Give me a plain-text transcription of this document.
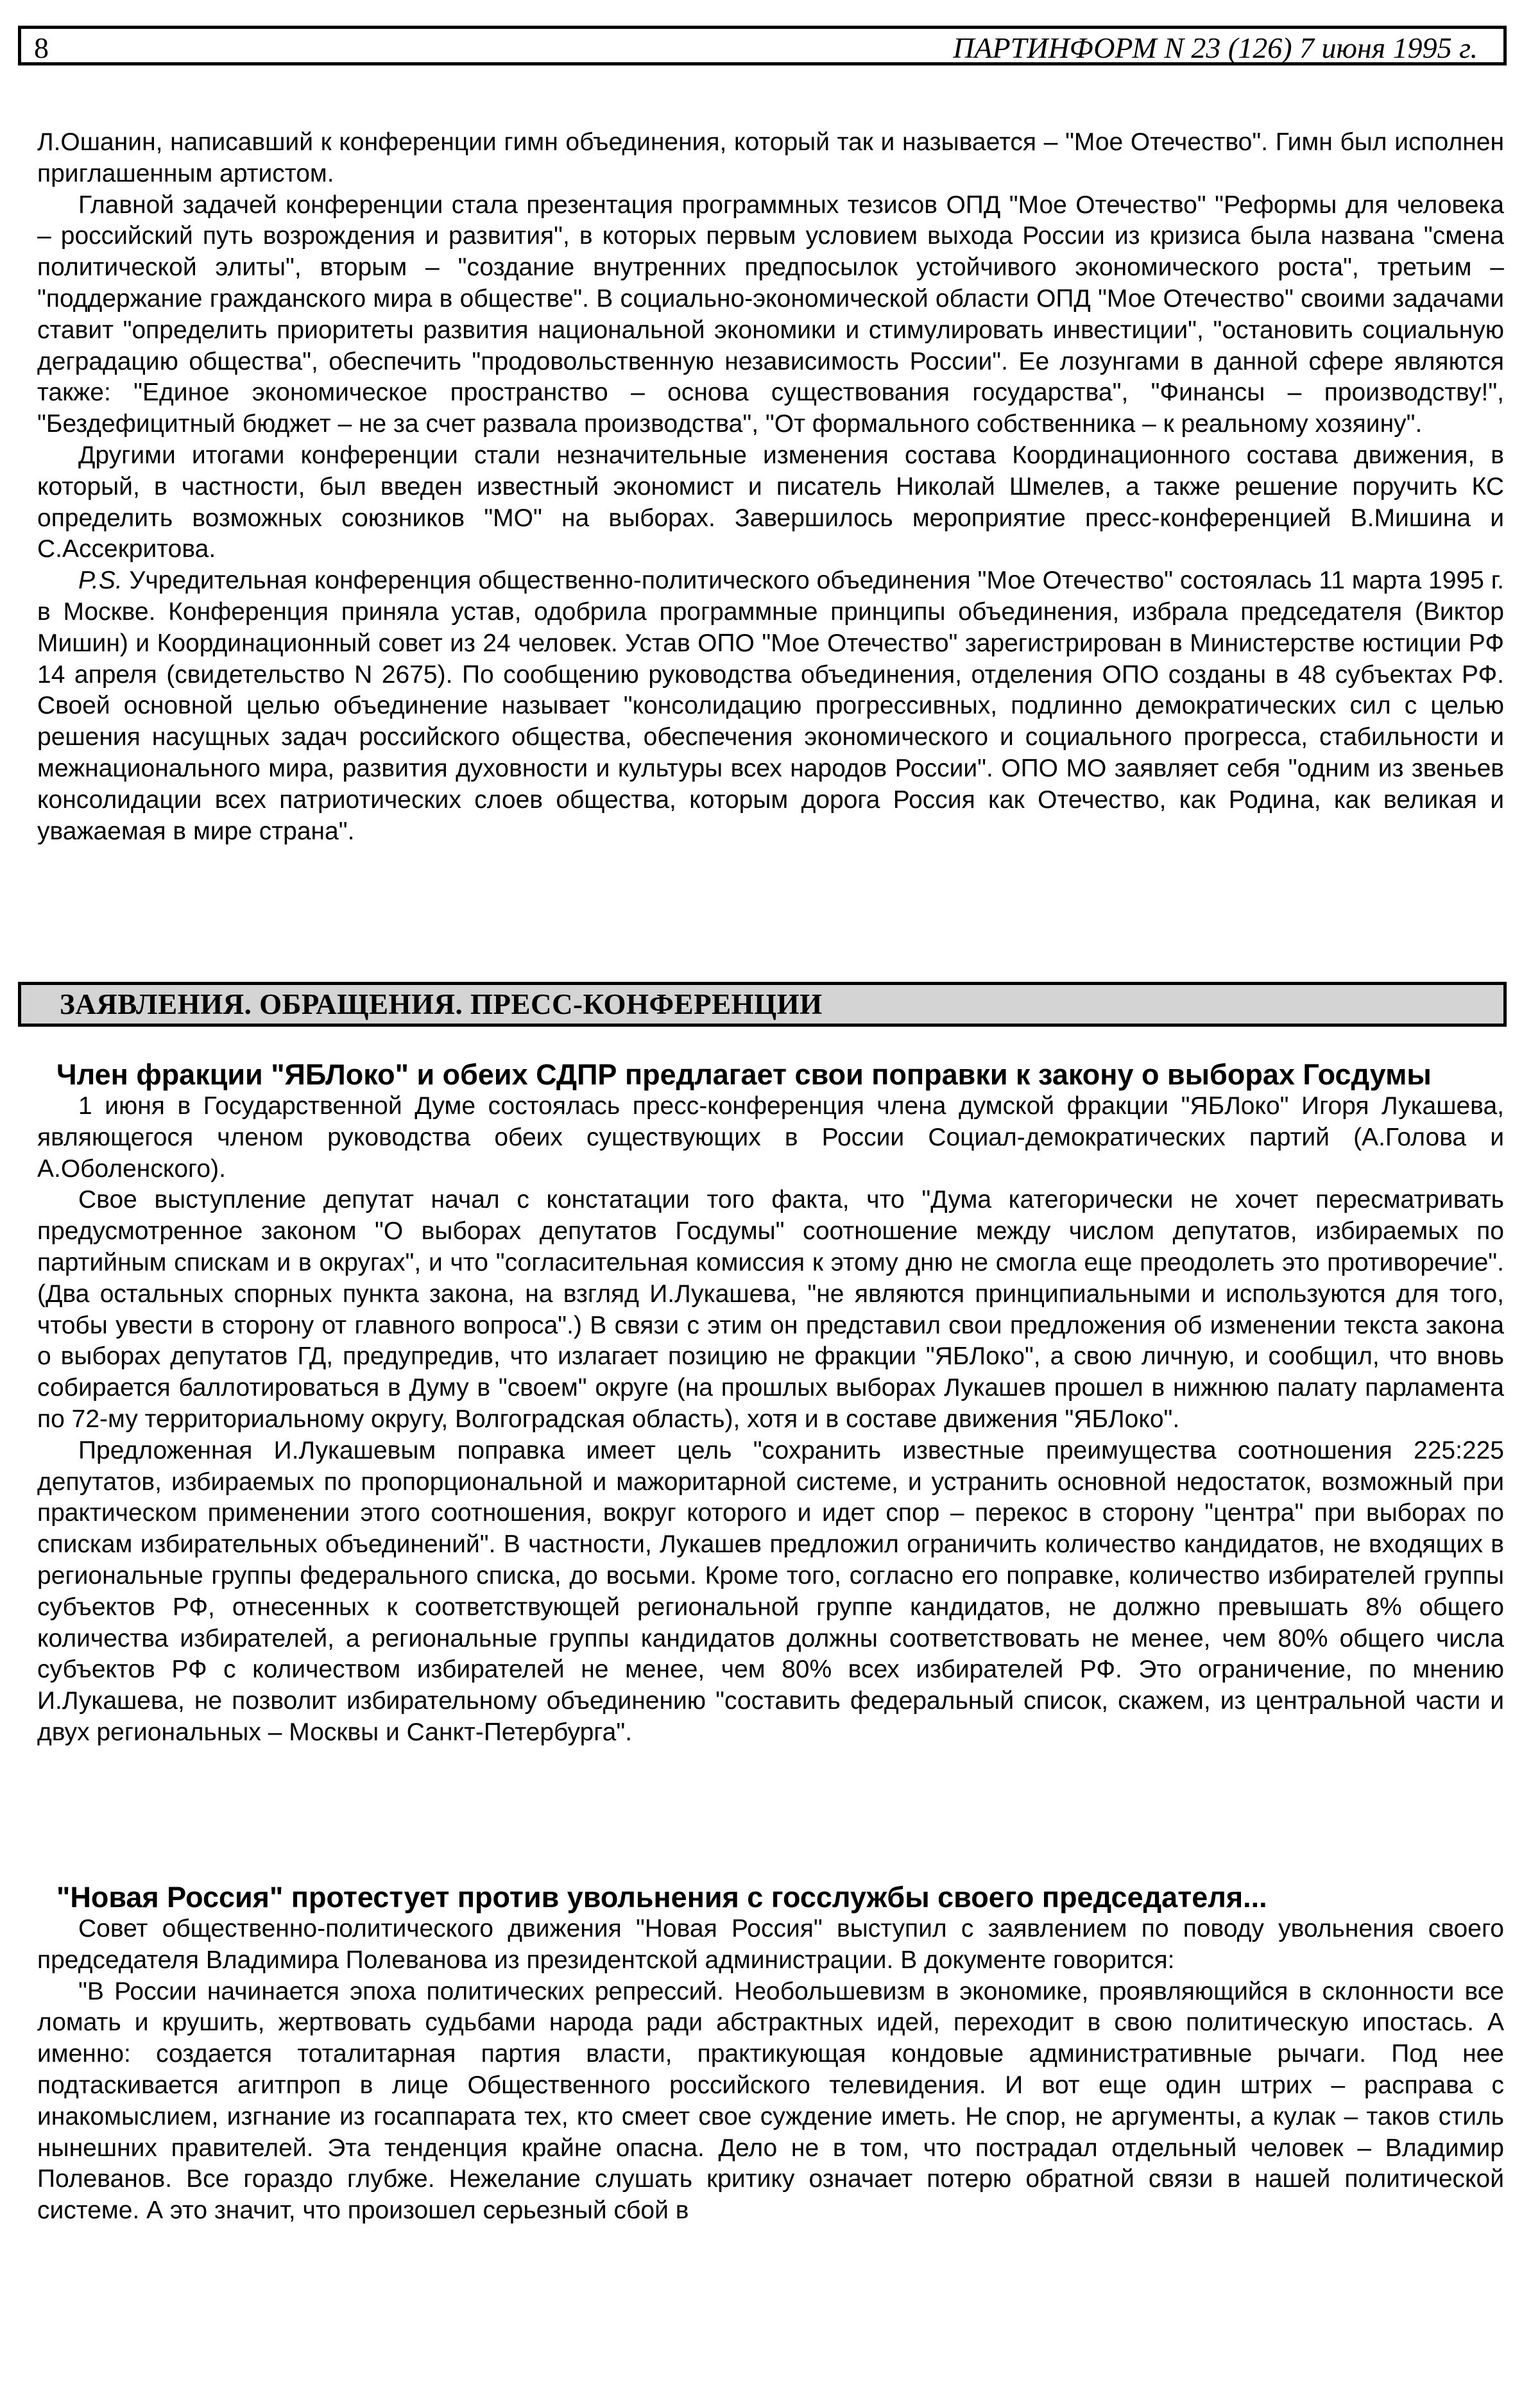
8	ПАРТИНФОРМ N 23 (126) 7 июня 1995 г.

Л.Ошанин, написавший к конференции гимн объединения, который так и называется – "Мое Отечество". Гимн был исполнен приглашенным артистом.

Главной задачей конференции стала презентация программных тезисов ОПД "Мое Отечество" "Реформы для человека – российский путь возрождения и развития", в которых первым условием выхода России из кризиса была названа "смена политической элиты", вторым – "создание внутренних предпосылок устойчивого экономического роста", третьим – "поддержание гражданского мира в обществе". В социально-экономической области ОПД "Мое Отечество" своими задачами ставит "определить приоритеты развития национальной экономики и стимулировать инвестиции", "остановить социальную деградацию общества", обеспечить "продовольственную независимость России". Ее лозунгами в данной сфере являются также: "Единое экономическое пространство – основа существования государства", "Финансы – производству!", "Бездефицитный бюджет – не за счет развала производства", "От формального собственника – к реальному хозяину".

Другими итогами конференции стали незначительные изменения состава Координационного состава движения, в который, в частности, был введен известный экономист и писатель Николай Шмелев, а также решение поручить КС определить возможных союзников "МО" на выборах. Завершилось мероприятие пресс-конференцией В.Мишина и С.Ассекритова.

P.S. Учредительная конференция общественно-политического объединения "Мое Отечество" состоялась 11 марта 1995 г. в Москве. Конференция приняла устав, одобрила программные принципы объединения, избрала председателя (Виктор Мишин) и Координационный совет из 24 человек. Устав ОПО "Мое Отечество" зарегистрирован в Министерстве юстиции РФ 14 апреля (свидетельство N 2675). По сообщению руководства объединения, отделения ОПО созданы в 48 субъектах РФ. Своей основной целью объединение называет "консолидацию прогрессивных, подлинно демократических сил с целью решения насущных задач российского общества, обеспечения экономического и социального прогресса, стабильности и межнационального мира, развития духовности и культуры всех народов России". ОПО МО заявляет себя "одним из звеньев консолидации всех патриотических слоев общества, которым дорога Россия как Отечество, как Родина, как великая и уважаемая в мире страна".

ЗАЯВЛЕНИЯ. ОБРАЩЕНИЯ. ПРЕСС-КОНФЕРЕНЦИИ
Член фракции "ЯБЛоко" и обеих СДПР предлагает свои поправки к закону о выборах Госдумы

1 июня в Государственной Думе состоялась пресс-конференция члена думской фракции "ЯБЛоко" Игоря Лукашева, являющегося членом руководства обеих существующих в России Социал-демократических партий (А.Голова и А.Оболенского).

Свое выступление депутат начал с констатации того факта, что "Дума категорически не хочет пересматривать предусмотренное законом "О выборах депутатов Госдумы" соотношение между числом депутатов, избираемых по партийным спискам и в округах", и что "согласительная комиссия к этому дню не смогла еще преодолеть это противоречие". (Два остальных спорных пункта закона, на взгляд И.Лукашева, "не являются принципиальными и используются для того, чтобы увести в сторону от главного вопроса".) В связи с этим он представил свои предложения об изменении текста закона о выборах депутатов ГД, предупредив, что излагает позицию не фракции "ЯБЛоко", а свою личную, и сообщил, что вновь собирается баллотироваться в Думу в "своем" округе (на прошлых выборах Лукашев прошел в нижнюю палату парламента по 72-му территориальному округу, Волгоградская область), хотя и в составе движения "ЯБЛоко".

Предложенная И.Лукашевым поправка имеет цель "сохранить известные преимущества соотношения 225:225 депутатов, избираемых по пропорциональной и мажоритарной системе, и устранить основной недостаток, возможный при практическом применении этого соотношения, вокруг которого и идет спор – перекос в сторону "центра" при выборах по спискам избирательных объединений". В частности, Лукашев предложил ограничить количество кандидатов, не входящих в региональные группы федерального списка, до восьми. Кроме того, согласно его поправке, количество избирателей группы субъектов РФ, отнесенных к соответствующей региональной группе кандидатов, не должно превышать 8% общего количества избирателей, а региональные группы кандидатов должны соответствовать не менее, чем 80% общего числа субъектов РФ с количеством избирателей не менее, чем 80% всех избирателей РФ. Это ограничение, по мнению И.Лукашева, не позволит избирательному объединению "составить федеральный список, скажем, из центральной части и двух региональных – Москвы и Санкт-Петербурга".

"Новая Россия" протестует против увольнения с госслужбы своего председателя...

Совет общественно-политического движения "Новая Россия" выступил с заявлением по поводу увольнения своего председателя Владимира Полеванова из президентской администрации. В документе говорится:

"В России начинается эпоха политических репрессий. Необольшевизм в экономике, проявляющийся в склонности все ломать и крушить, жертвовать судьбами народа ради абстрактных идей, переходит в свою политическую ипостась. А именно: создается тоталитарная партия власти, практикующая кондовые административные рычаги. Под нее подтаскивается агитпроп в лице Общественного российского телевидения. И вот еще один штрих – расправа с инакомыслием, изгнание из госаппарата тех, кто смеет свое суждение иметь. Не спор, не аргументы, а кулак – таков стиль нынешних правителей. Эта тенденция крайне опасна. Дело не в том, что пострадал отдельный человек – Владимир Полеванов. Все гораздо глубже. Нежелание слушать критику означает потерю обратной связи в нашей политической системе. А это значит, что произошел серьезный сбой в
